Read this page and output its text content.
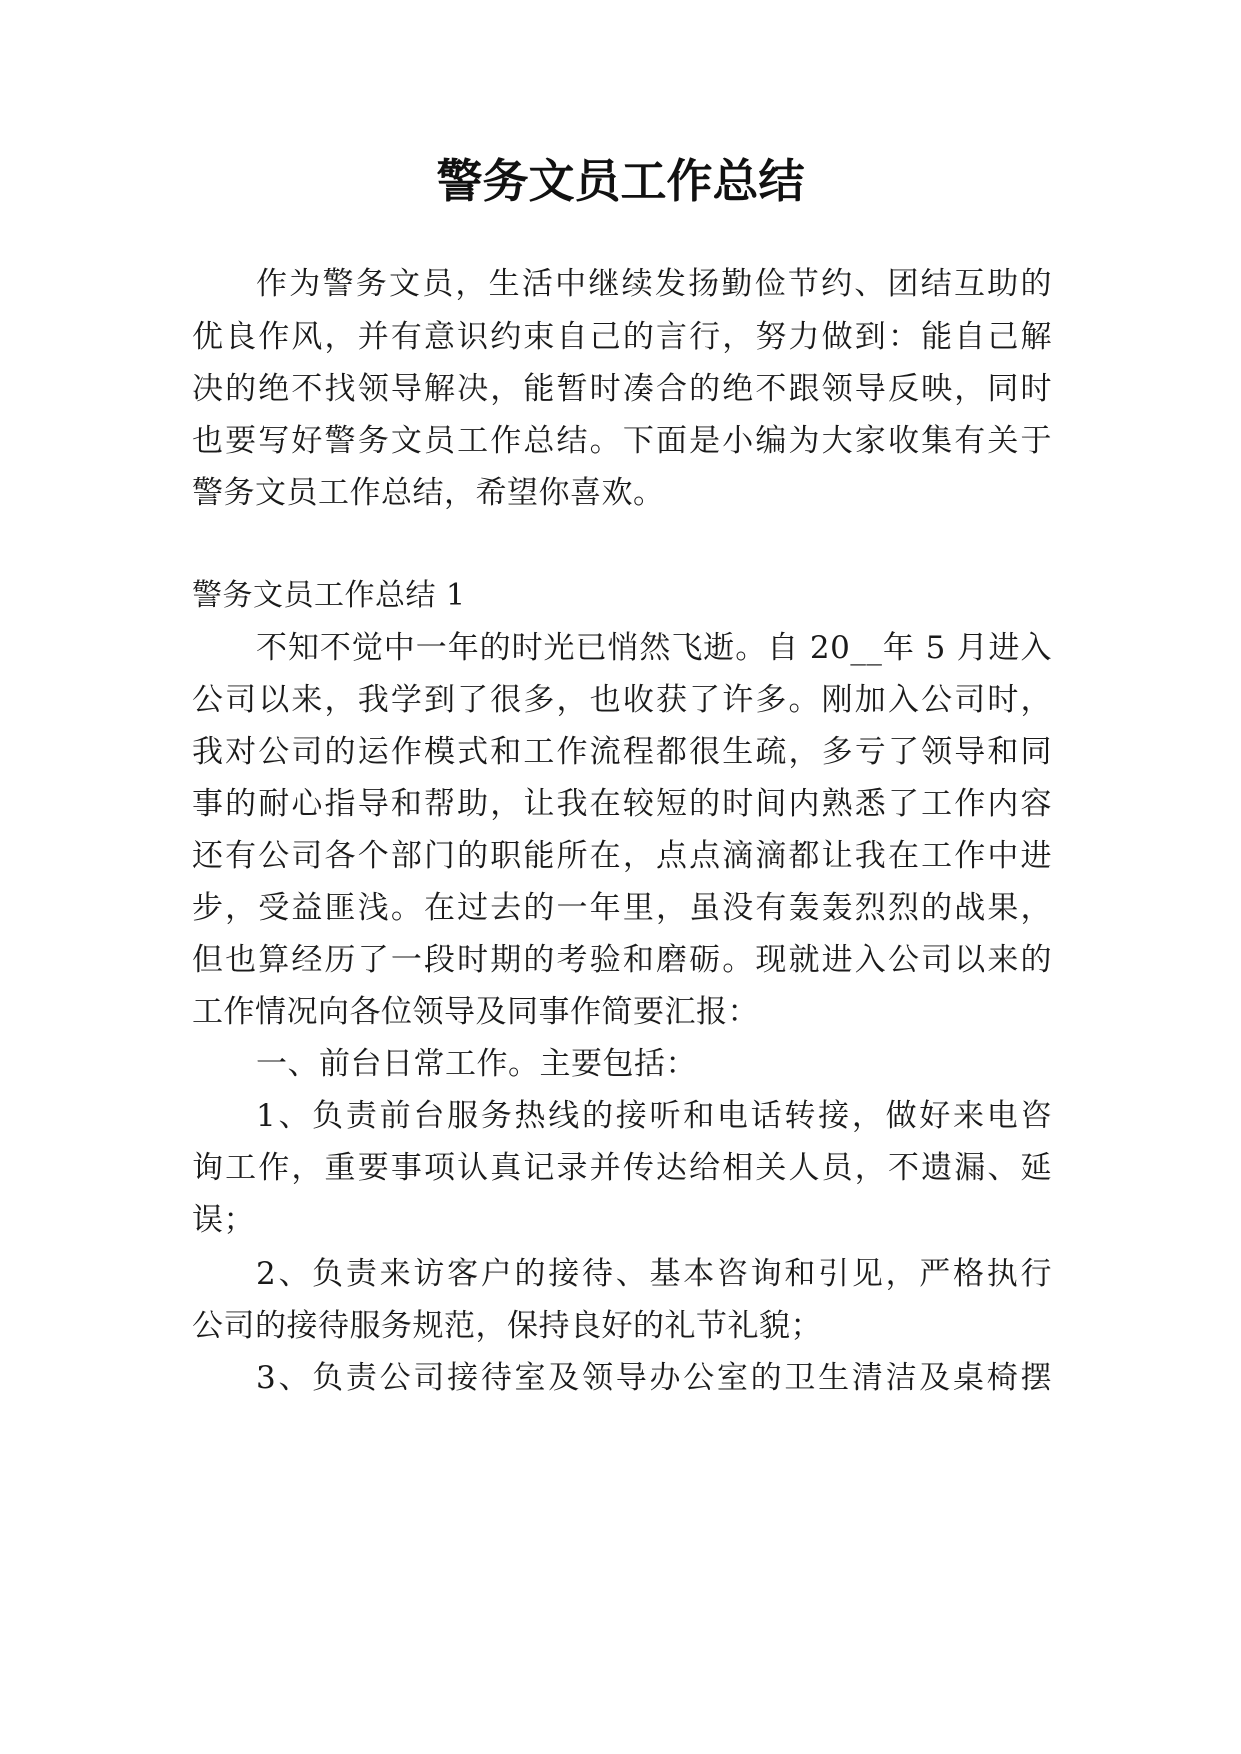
警务文员工作总结

作为警务文员，生活中继续发扬勤俭节约、团结互助的

优良作风，并有意识约束自己的言行，努力做到：能自己解

决的绝不找领导解决，能暂时凑合的绝不跟领导反映，同时

也要写好警务文员工作总结。下面是小编为大家收集有关于

警务文员工作总结，希望你喜欢。

警务文员工作总结 1

不知不觉中一年的时光已悄然飞逝。自 20__年 5 月进入

公司以来，我学到了很多，也收获了许多。刚加入公司时，

我对公司的运作模式和工作流程都很生疏，多亏了领导和同

事的耐心指导和帮助，让我在较短的时间内熟悉了工作内容

还有公司各个部门的职能所在，点点滴滴都让我在工作中进

步，受益匪浅。在过去的一年里，虽没有轰轰烈烈的战果，

但也算经历了一段时期的考验和磨砺。现就进入公司以来的

工作情况向各位领导及同事作简要汇报：

一、前台日常工作。主要包括：

1、负责前台服务热线的接听和电话转接，做好来电咨

询工作，重要事项认真记录并传达给相关人员，不遗漏、延

误；

2、负责来访客户的接待、基本咨询和引见，严格执行

公司的接待服务规范，保持良好的礼节礼貌；

3、负责公司接待室及领导办公室的卫生清洁及桌椅摆
